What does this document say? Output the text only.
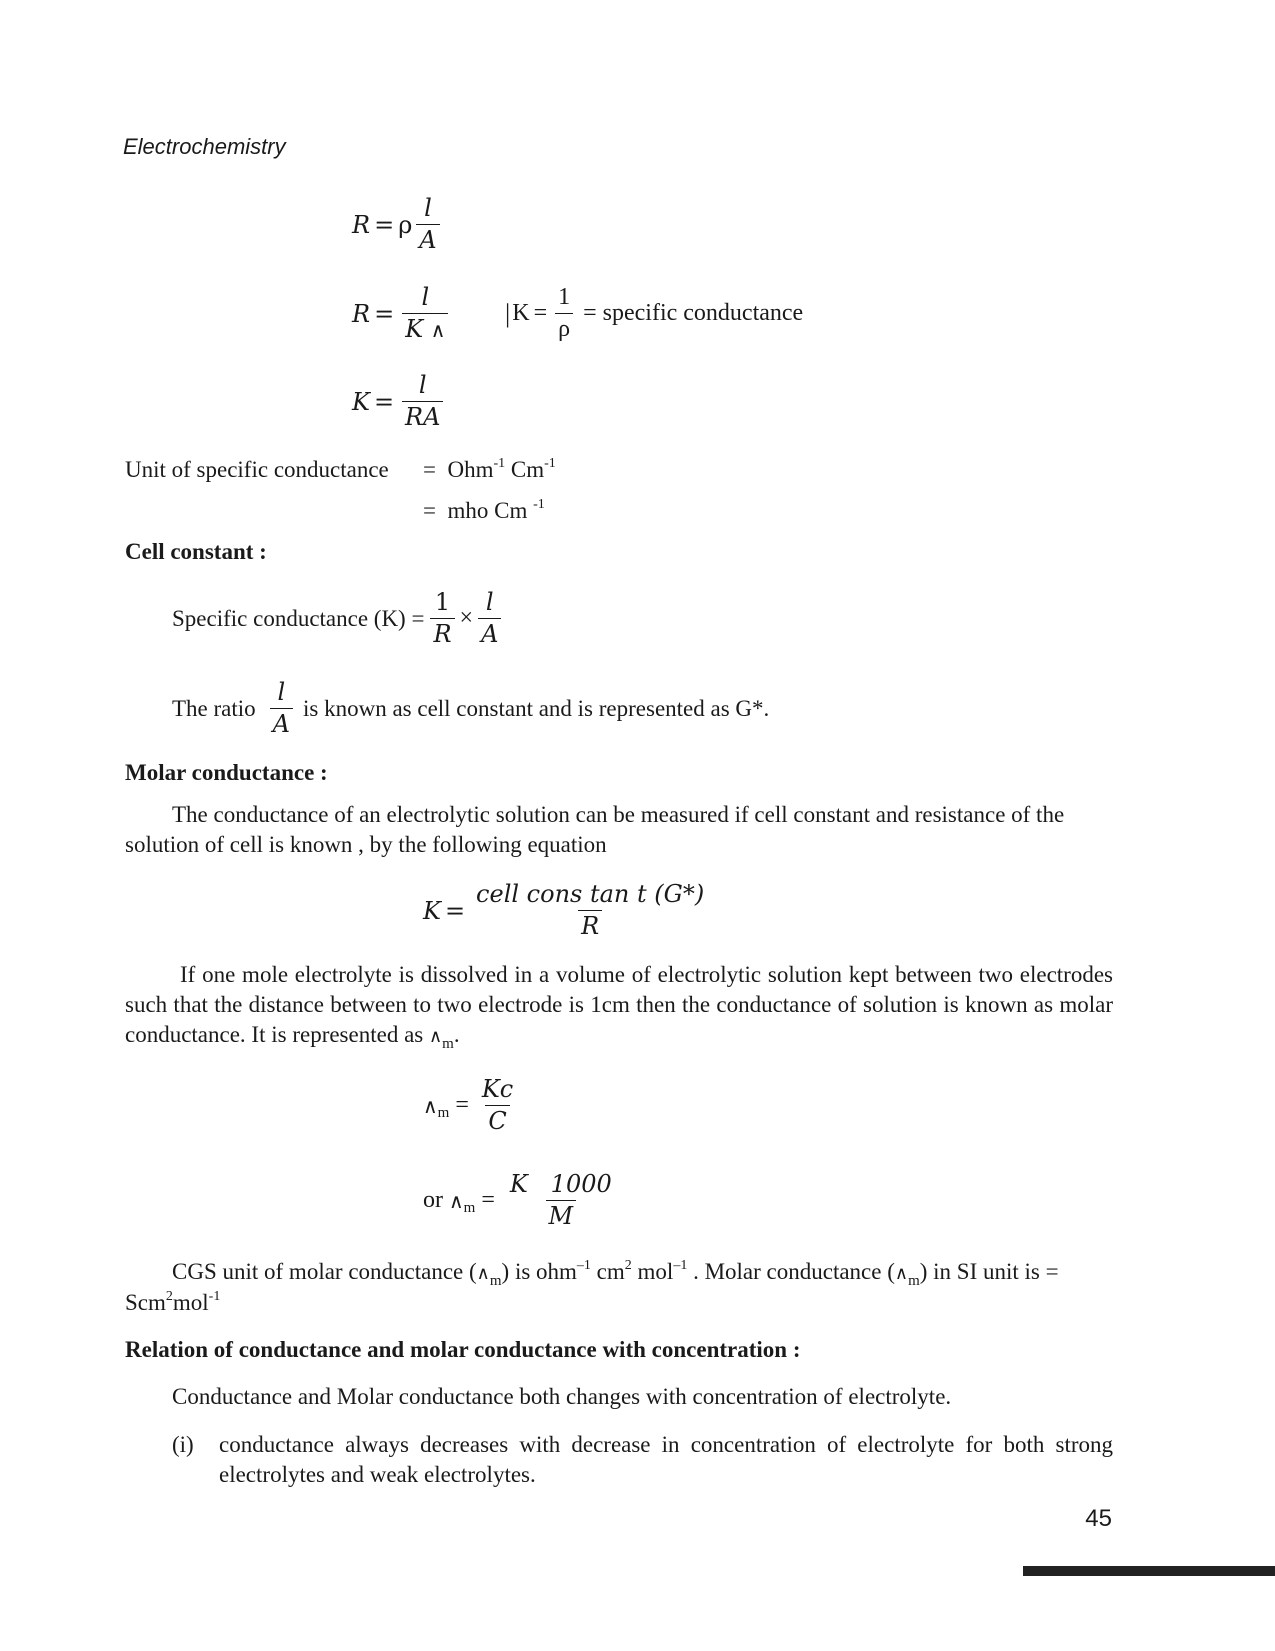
Electrochemistry
R = ρ $\frac{l}{A}$
$R = \frac{l}{K \wedge}$ | $K = \frac{1}{\rho}$ = specific conductance
$K = \frac{l}{RA}$
Unit of specific conductance = Ohm$^{-1}$ $Cm^{-1}$
= mho Cm $^{-1}$
Cell constant :
Specific conductance $(K) = \frac{1}{R} \times \frac{l}{A}$
The ratio $\frac{l}{A}$ is known as cell constant and is represented as G*.
Molar conductance :
The conductance of an electrolytic solution can be measured if cell constant and resistance of the solution of cell is known , by the following equation
$K = \frac{\text{cell cons tan t (G*)}}{R}$
If one mole electrolyte is dissolved in a volume of electrolytic solution kept between two electrodes such that the distance between to two electrode is 1cm then the conductance of solution is known as molar conductance. It is represented as $\wedge_m$.
∧ $m = \frac{Kc}{C}$
or ∧ $m = \frac{K 1000}{M}$
CGS unit of molar conductance $(\wedge_m)$ is ohm$^{-1}$ $cm^2$ mol$^{-1}$ . Molar conductance $(\wedge_m)$ in SI unit is =
Scm$^2$mol$^{-1}$
Relation of conductance and molar conductance with concentration :
Conductance and Molar conductance both changes with concentration of electrolyte.
(i) conductance always decreases with decrease in concentration of electrolyte for both strong electrolytes and weak electrolytes.
45
